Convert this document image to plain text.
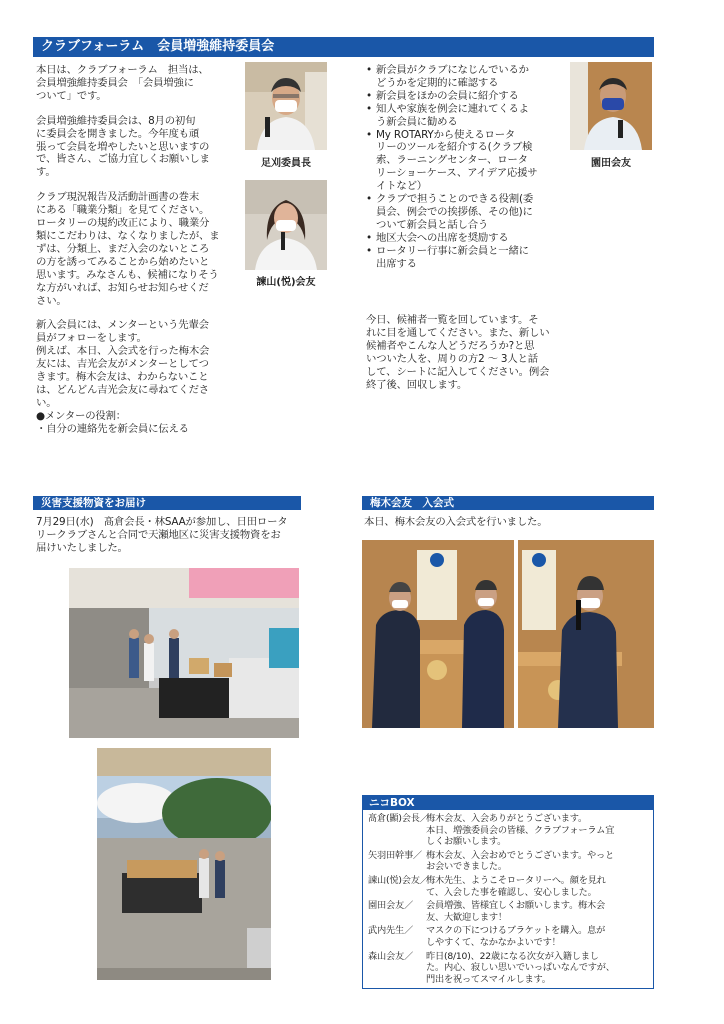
クラブフォーラム　会員増強維持委員会

本日は、クラブフォーラム　担当は、
会員増強維持委員会　「会員増強に
ついて」です。

会員増強維持委員会は、8月の初旬
に委員会を開きました。今年度も頑
張って会員を増やしたいと思いますの
で、皆さん、ご協力宜しくお願いしま
す。

クラブ現況報告及活動計画書の巻末
にある「職業分類」を見てください。
ロータリーの規約改正により、職業分
類にこだわりは、なくなりましたが、ま
ずは、分類上、まだ入会のないところ
の方を誘ってみることから始めたいと
思います。みなさんも、候補になりそう
な方がいれば、お知らせお知らせくだ
さい。

新入会員には、メンターという先輩会
員がフォローをします。
例えば、本日、入会式を行った梅木会
友には、吉光会友がメンターとしてつ
きます。梅木会友は、わからないこと
は、どんどん吉光会友に尋ねてくださ
い。
●メンターの役割：
・自分の連絡先を新会員に伝える

足刈委員長
諫山(悦)会友
• 新会員がクラブになじんでいるか
どうかを定期的に確認する
• 新会員をほかの会員に紹介する
• 知人や家族を例会に連れてくるよ
う新会員に勧める
• My ROTARYから使えるロータ
リーのツールを紹介する(クラブ検
索、ラーニングセンター、ロータ
リーショーケース、アイデア応援サ
イトなど）
• クラブで担うことのできる役割(委
員会、例会での挨拶係、その他)に
ついて新会員と話し合う
• 地区大会への出席を奨励する
• ロータリー行事に新会員と一緒に
出席する

今日、候補者一覧を回しています。そ
れに目を通してください。また、新しい
候補者やこんな人どうだろうか?と思
いついた人を、周りの方2 ～ 3人と話
して、シートに記入してください。例会
終了後、回収します。

園田会友
災害支援物資をお届け

7月29日(水)　髙倉会長・林SAAが参加し、日田ロータ
リークラブさんと合同で天瀬地区に災害支援物資をお
届けいたしました。

梅木会友　入会式

本日、梅木会友の入会式を行いました。

ニコBOX
髙倉(顯)会長／
梅木会友、入会ありがとうございます。
本日、増強委員会の皆様、クラブフォーラム宜
しくお願いします。
矢羽田幹事／ 梅木会友、入会おめでとうございます。やっと
お会いできました。
諫山(悦)会友／
梅木先生、ようこそロータリーへ。顔を見れ
て、入会した事を確認し、安心しました。
園田会友／	会員増強、皆様宜しくお願いします。梅木会
友、大歓迎します！
武内先生／	マスクの下につけるブラケットを購入。息が
しやすくて、なかなかよいです！
森山会友／	昨日(8/10)、22歳になる次女が入籍しまし
た。内心、寂しい思いでいっぱいなんですが、
門出を祝ってスマイルします。
